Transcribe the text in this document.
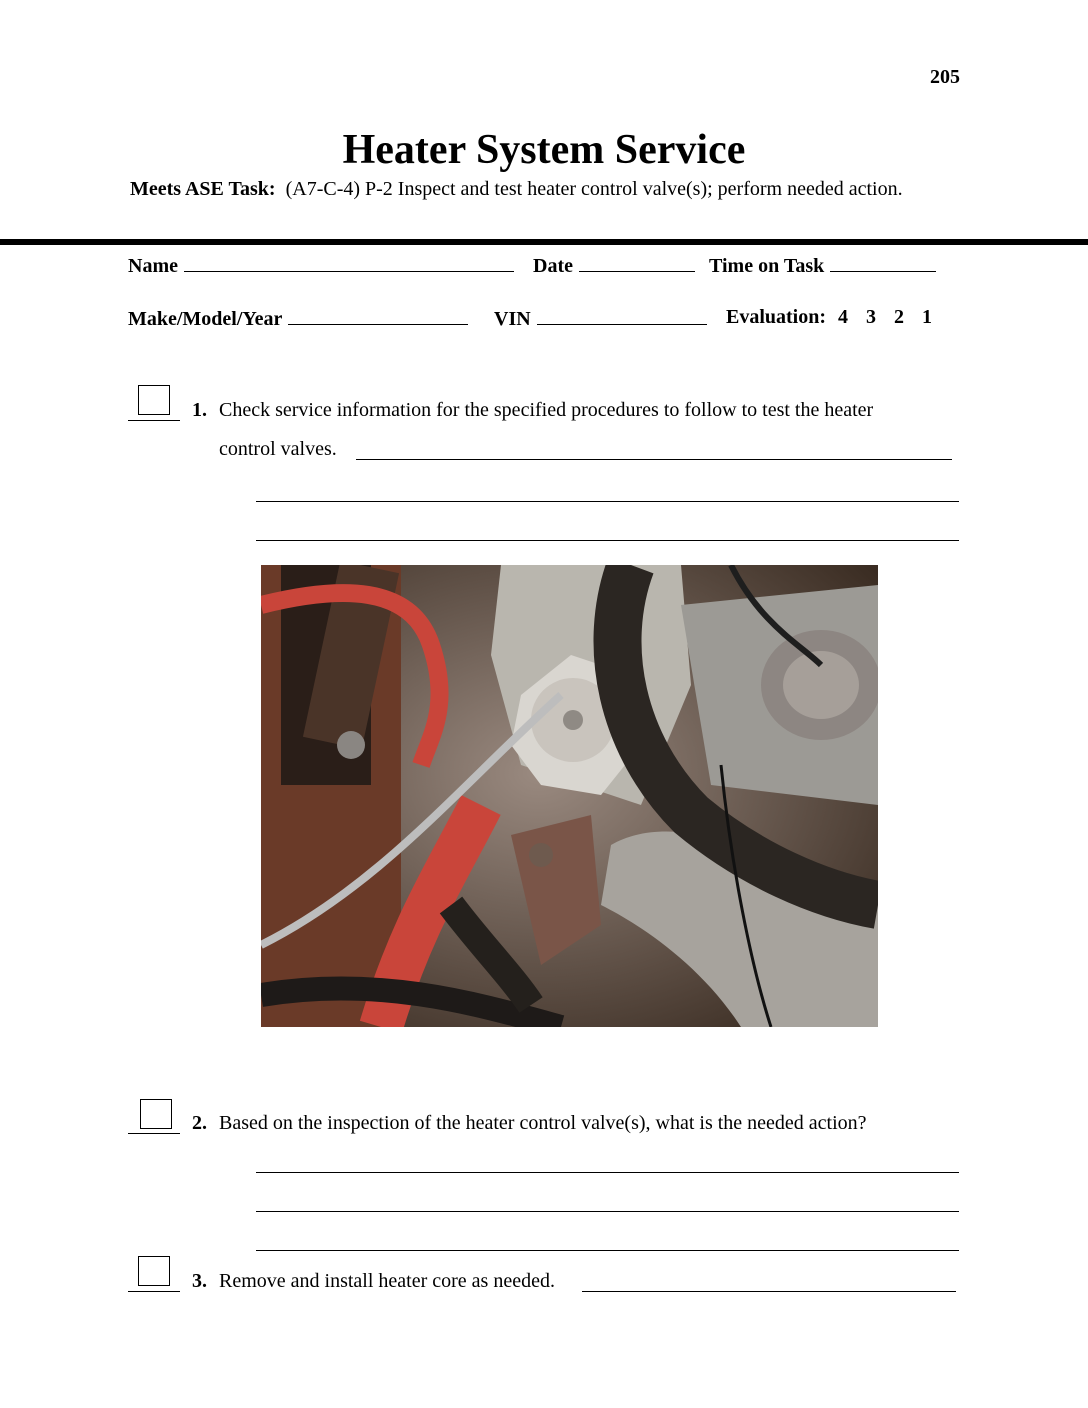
205
Heater System Service
Meets ASE Task: (A7-C-4) P-2 Inspect and test heater control valve(s); perform needed action.
Name	Date	Time on Task
Make/Model/Year	VIN	Evaluation: 4 3 2 1
1. Check service information for the specified procedures to follow to test the heater
control valves.
2. Based on the inspection of the heater control valve(s), what is the needed action?
3. Remove and install heater core as needed.
